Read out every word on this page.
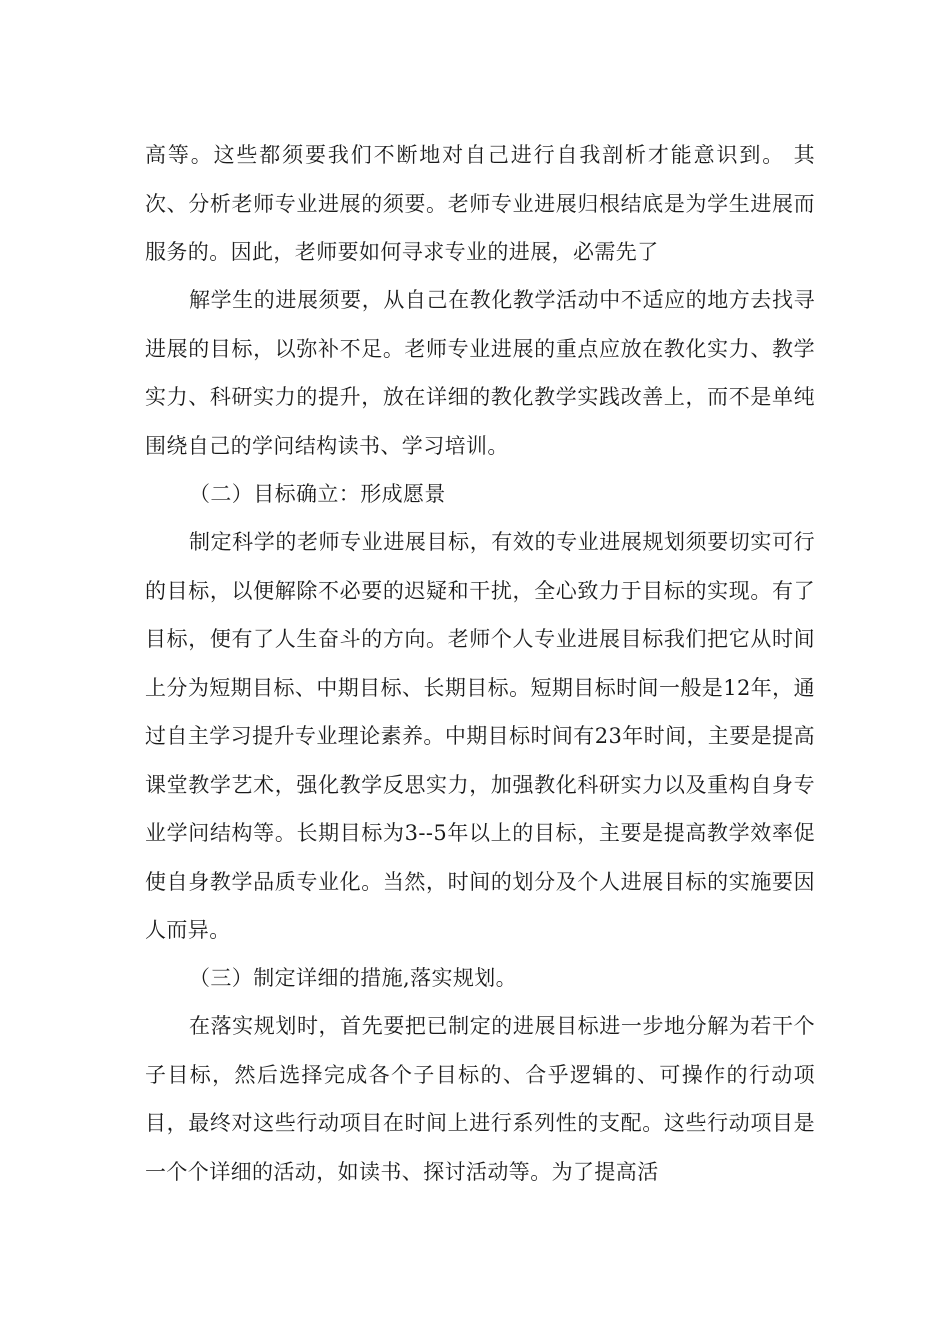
高等。这些都须要我们不断地对自己进行自我剖析才能意识到。 其次、分析老师专业进展的须要。老师专业进展归根结底是为学生进展而服务的。因此，老师要如何寻求专业的进展，必需先了

解学生的进展须要，从自己在教化教学活动中不适应的地方去找寻进展的目标，以弥补不足。老师专业进展的重点应放在教化实力、教学实力、科研实力的提升，放在详细的教化教学实践改善上，而不是单纯围绕自己的学问结构读书、学习培训。

（二）目标确立：形成愿景

制定科学的老师专业进展目标，有效的专业进展规划须要切实可行的目标，以便解除不必要的迟疑和干扰，全心致力于目标的实现。有了目标，便有了人生奋斗的方向。老师个人专业进展目标我们把它从时间上分为短期目标、中期目标、长期目标。短期目标时间一般是12年，通过自主学习提升专业理论素养。中期目标时间有23年时间，主要是提高课堂教学艺术，强化教学反思实力，加强教化科研实力以及重构自身专业学问结构等。长期目标为3--5年以上的目标，主要是提高教学效率促使自身教学品质专业化。当然，时间的划分及个人进展目标的实施要因人而异。

（三）制定详细的措施,落实规划。

在落实规划时，首先要把已制定的进展目标进一步地分解为若干个子目标，然后选择完成各个子目标的、合乎逻辑的、可操作的行动项目，最终对这些行动项目在时间上进行系列性的支配。这些行动项目是一个个详细的活动，如读书、探讨活动等。为了提高活
